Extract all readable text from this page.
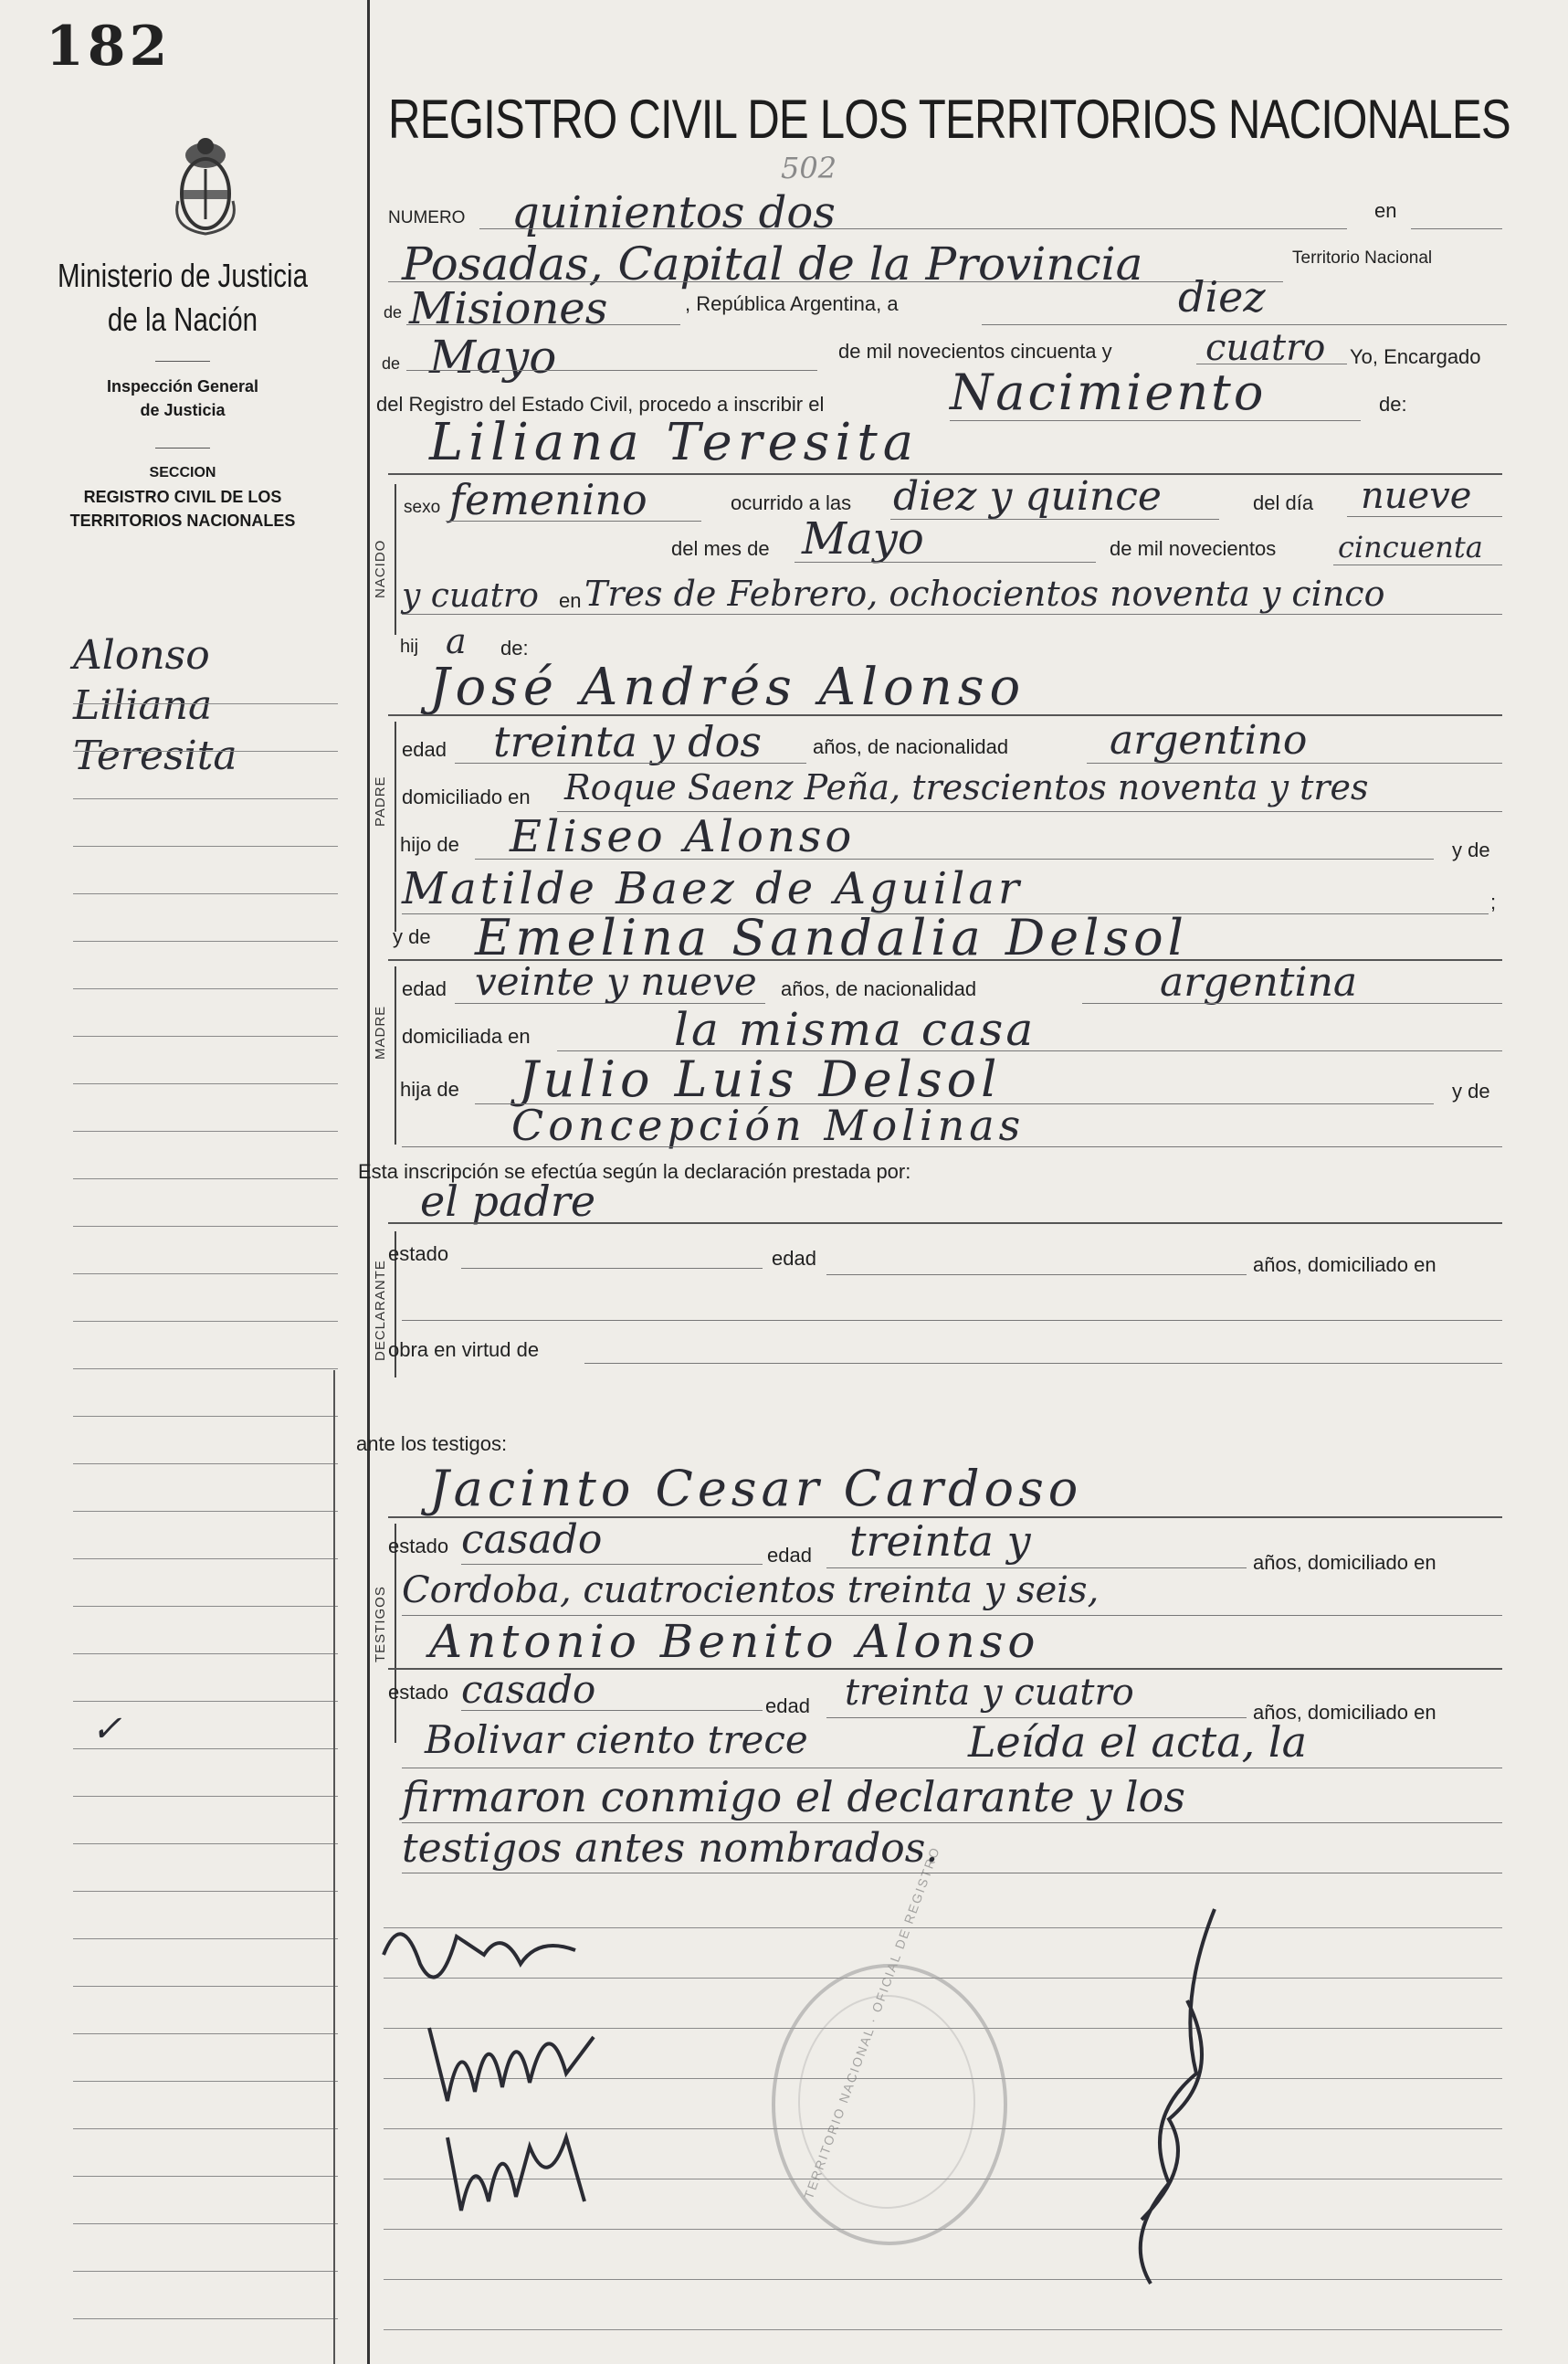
182
Ministerio de Justicia
de la Nación
Inspección General
de Justicia
SECCION
REGISTRO CIVIL DE LOS
TERRITORIOS NACIONALES
Alonso
Liliana
Teresita
✓
REGISTRO CIVIL DE LOS TERRITORIOS NACIONALES
502
NUMERO quinientos dos	en
Posadas, Capital de la Provincia	Territorio Nacional
de Misiones	, República Argentina, a	diez
de Mayo	de mil novecientos cincuenta y	cuatro Yo, Encargado
del Registro del Estado Civil, procedo a inscribir el	Nacimiento	de:
Liliana Teresita
NACIDO
sexo femenino	ocurrido a las diez y quince	del día nueve
del mes de Mayo	de mil novecientos cincuenta
y cuatro en Tres de Febrero, ochocientos noventa y cinco
hij a de:
José Andrés Alonso
PADRE
edad treinta y dos	años, de nacionalidad	argentino
domiciliado en Roque Saenz Peña, trescientos noventa y tres
hijo de Eliseo Alonso	y de
Matilde Baez de Aguilar	;
y de Emelina Sandalia Delsol
MADRE
edad veinte y nueve años, de nacionalidad	argentina
domiciliada en	la misma casa
hija de Julio Luis Delsol	y de
Concepción Molinas
Esta inscripción se efectúa según la declaración prestada por:
el padre
DECLARANTE
estado	edad	años, domiciliado en
obra en virtud de
ante los testigos:
Jacinto Cesar Cardoso
TESTIGOS
estado casado	edad treinta y	años, domiciliado en
Cordoba, cuatrocientos treinta y seis,
Antonio Benito Alonso
estado casado	edad treinta y cuatro	años, domiciliado en
Bolivar ciento trece	Leída el acta, la
firmaron conmigo el declarante y los
testigos antes nombrados.
TERRITORIO NACIONAL · OFICIAL DE REGISTRO
